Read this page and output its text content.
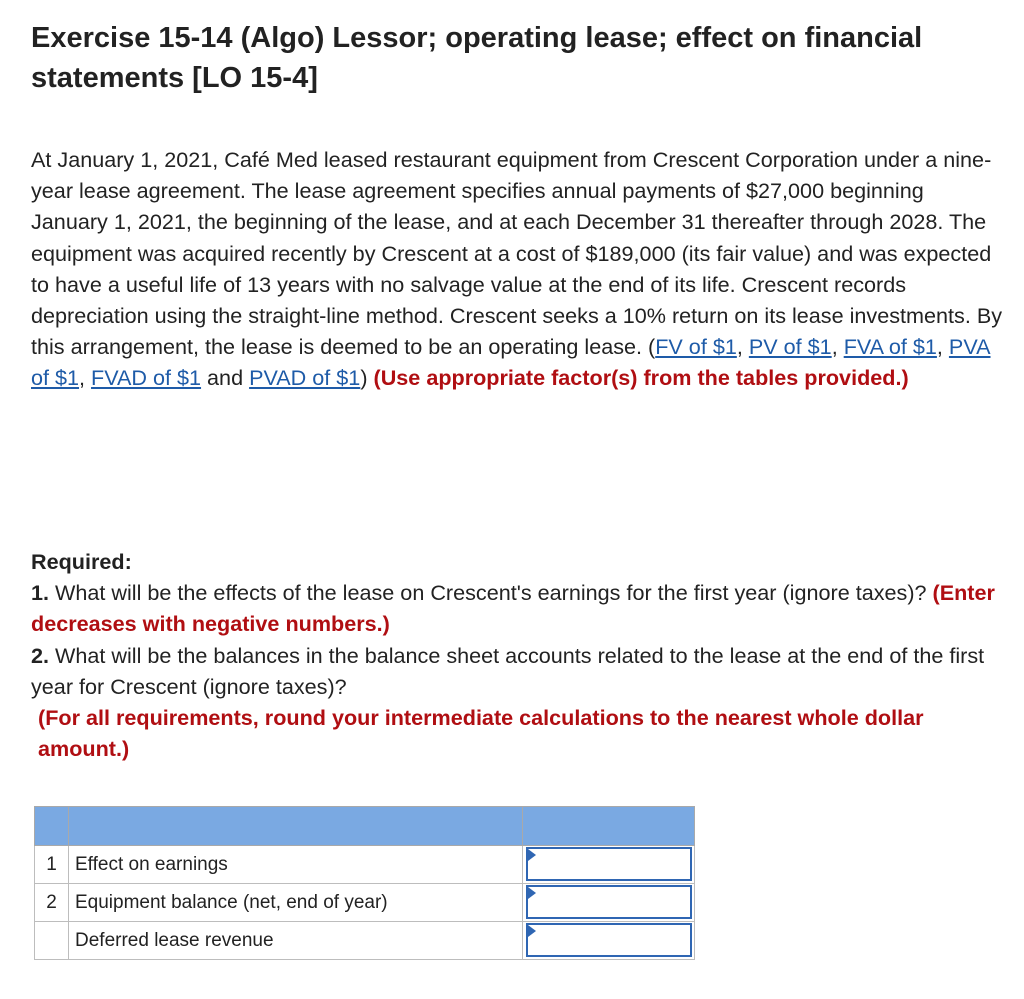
Exercise 15-14 (Algo) Lessor; operating lease; effect on financial statements [LO 15-4]

At January 1, 2021, Café Med leased restaurant equipment from Crescent Corporation under a nine-year lease agreement. The lease agreement specifies annual payments of $27,000 beginning January 1, 2021, the beginning of the lease, and at each December 31 thereafter through 2028. The equipment was acquired recently by Crescent at a cost of $189,000 (its fair value) and was expected to have a useful life of 13 years with no salvage value at the end of its life. Crescent records depreciation using the straight-line method. Crescent seeks a 10% return on its lease investments. By this arrangement, the lease is deemed to be an operating lease. (FV of $1, PV of $1, FVA of $1, PVA of $1, FVAD of $1 and PVAD of $1) (Use appropriate factor(s) from the tables provided.)

Required:
1. What will be the effects of the lease on Crescent's earnings for the first year (ignore taxes)? (Enter decreases with negative numbers.)
2. What will be the balances in the balance sheet accounts related to the lease at the end of the first year for Crescent (ignore taxes)?
(For all requirements, round your intermediate calculations to the nearest whole dollar amount.)

1	Effect on earnings	

2	Equipment balance (net, end of year)	

	Deferred lease revenue	
